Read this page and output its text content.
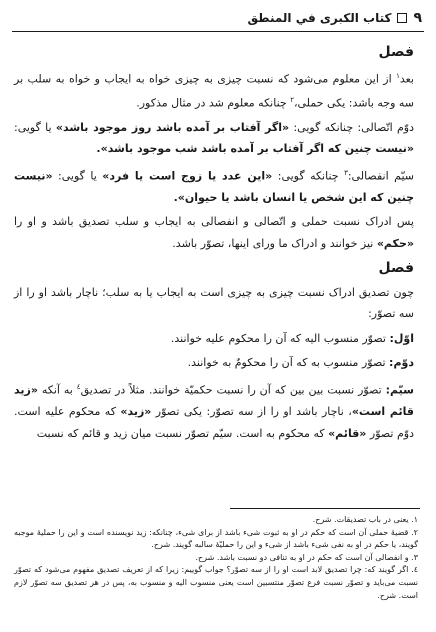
٩
كتاب الكبرى في المنطق
فصل

بعد$^١$ از این معلوم می‌شود که نسبت چیزی به چیزی خواه به ایجاب و خواه به سلب بر سه وجه باشد: یکی حملی،$^٢$ چنانکه معلوم شد در مثال مذکور.

دوّم اتّصالی: چنانکه گویی: «اگر آفتاب بر آمده باشد روز موجود باشد» یا گویی: «نیست چنین که اگر آفتاب بر آمده باشد شب موجود باشد».

سیّم انفصالی:$^٣$ چنانکه گویی: «این عدد یا زوج است یا فرد» یا گویی: «نیست چنین که این شخص یا انسان باشد یا حیوان».

پس ادراک نسبت حملی و اتّصالی و انفصالی به ایجاب و سلب تصدیق باشد و او را «حکم» نیز خوانند و ادراک ما ورای اینها، تصوّر باشد.

فصل

چون تصدیق ادراک نسبت چیزی به چیزی است به ایجاب یا به سلب؛ ناچار باشد او را از سه تصوّر:

اوّل: تصوّر منسوب الیه که آن را محکوم علیه خوانند.

دوّم: تصوّر منسوب به که آن را محکومٌ به خوانند.

سیّم: تصوّر نسبت بین بین که آن را نسبت حکمیّة خوانند. مثلاً در تصدیق$^٤$ به آنکه «زید قائم است»، ناچار باشد او را از سه تصوّر: یکی تصوّر «زید» که محکوم علیه است. دوّم تصوّر «قائم» که محکوم به است. سیّم تصوّر نسبت میان زید و قائم که نسبت

١. یعنی در باب تصدیقات. شرح.

٢. قضیهٔ حملی آن است که حکم در او به ثبوت شیء باشد از برای شیء، چنانکه: زید نویسنده است و این را حملیهٔ موجبه گویند، یا حکم در او به نفی شیء باشد از شیء و این را حملیّهٔ سالبه گویند. شرح.

٣. و انفصالی آن است که حکم در او به تنافی دو نسبت باشد. شرح.

٤. اگر گویند که: چرا تصدیق لابد است او را از سه تصوّر؟ جواب گوییم: زیرا که از تعریف تصدیق مفهوم می‌شود که تصوّر نسبت می‌باید و تصوّر نسبت فرع تصوّر منتسبین است یعنی منسوب الیه و منسوب به، پس در هر تصدیق سه تصوّر لازم است. شرح.
